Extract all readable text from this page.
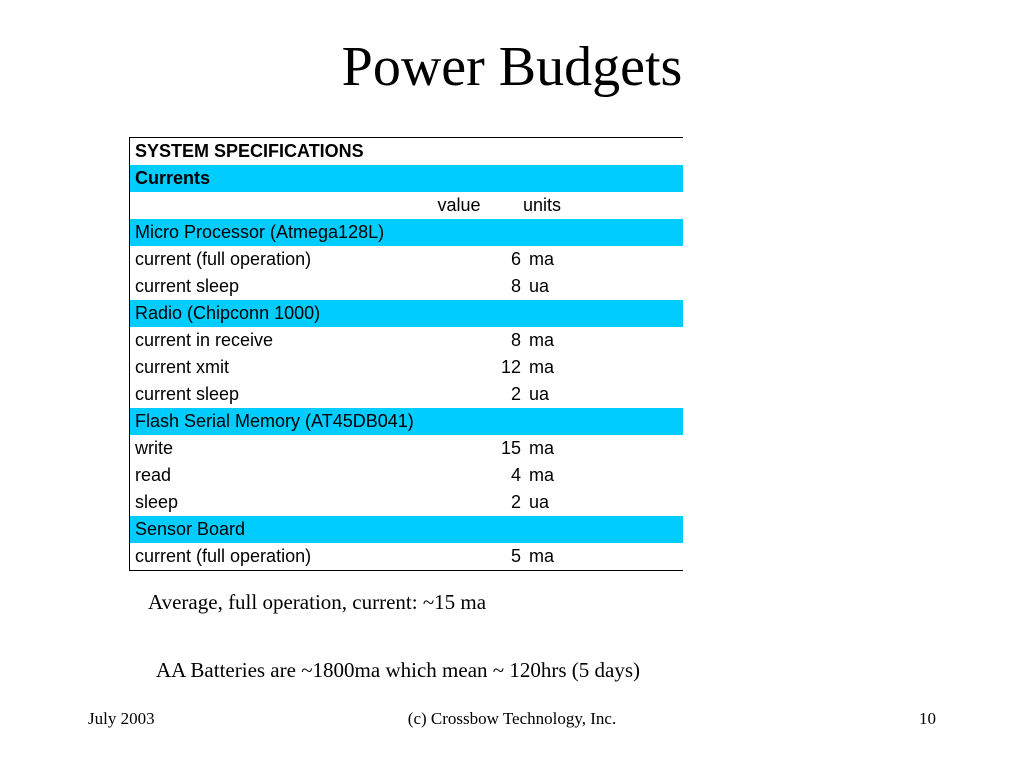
Power Budgets
SYSTEM SPECIFICATIONS
Currents
value	units
Micro Processor (Atmega128L)
current (full operation)	6 ma
current sleep	8 ua
Radio (Chipconn 1000)
current in receive	8 ma
current xmit	12 ma
current sleep	2 ua
Flash Serial Memory (AT45DB041)
write	15 ma
read	4 ma
sleep	2 ua
Sensor Board
current (full operation)	5 ma
Average, full operation, current: ~15 ma
AA Batteries are ~1800ma which mean ~ 120hrs (5 days)
July 2003	(c) Crossbow Technology, Inc.	10
